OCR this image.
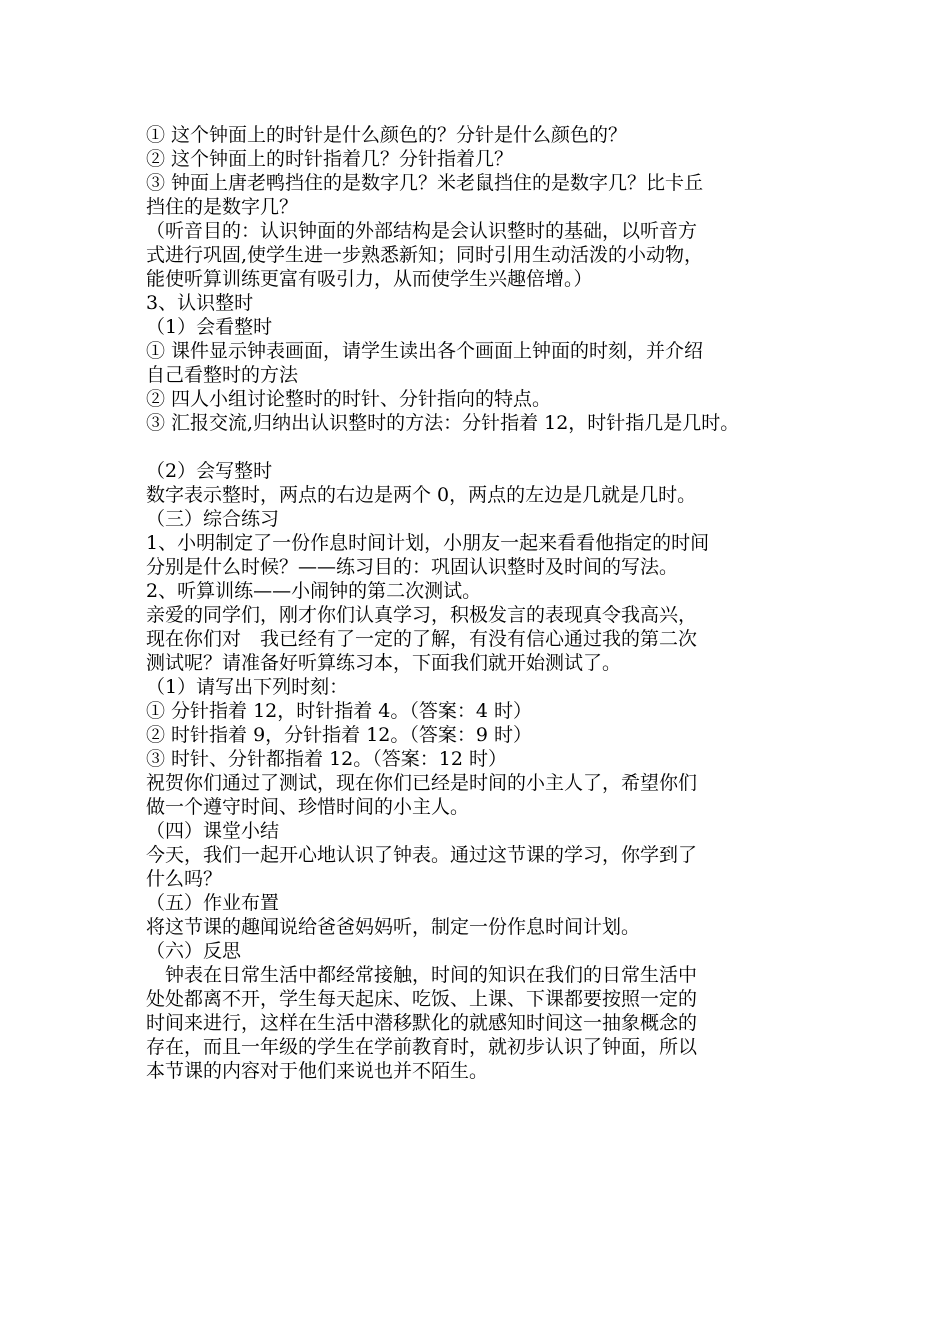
① 这个钟面上的时针是什么颜色的？分针是什么颜色的？
② 这个钟面上的时针指着几？分针指着几？
③ 钟面上唐老鸭挡住的是数字几？米老鼠挡住的是数字几？比卡丘
挡住的是数字几？
（听音目的：认识钟面的外部结构是会认识整时的基础，以听音方
式进行巩固,使学生进一步熟悉新知；同时引用生动活泼的小动物，
能使听算训练更富有吸引力，从而使学生兴趣倍增。）
3、认识整时
（1）会看整时
① 课件显示钟表画面，请学生读出各个画面上钟面的时刻，并介绍
自己看整时的方法
② 四人小组讨论整时的时针、分针指向的特点。
③ 汇报交流,归纳出认识整时的方法：分针指着 12，时针指几是几时。
（2）会写整时
数字表示整时，两点的右边是两个 0，两点的左边是几就是几时。
（三）综合练习
1、小明制定了一份作息时间计划，小朋友一起来看看他指定的时间
分别是什么时候？——练习目的：巩固认识整时及时间的写法。
2、听算训练——小闹钟的第二次测试。
亲爱的同学们，刚才你们认真学习，积极发言的表现真令我高兴，
现在你们对　我已经有了一定的了解，有没有信心通过我的第二次
测试呢？请准备好听算练习本，下面我们就开始测试了。
（1）请写出下列时刻：
① 分针指着 12，时针指着 4。（答案：4 时）
② 时针指着 9，分针指着 12。（答案：9 时）
③ 时针、分针都指着 12。（答案：12 时）
祝贺你们通过了测试，现在你们已经是时间的小主人了，希望你们
做一个遵守时间、珍惜时间的小主人。
（四）课堂小结
今天，我们一起开心地认识了钟表。通过这节课的学习，你学到了
什么吗？
（五）作业布置
将这节课的趣闻说给爸爸妈妈听，制定一份作息时间计划。
（六）反思
钟表在日常生活中都经常接触，时间的知识在我们的日常生活中
处处都离不开，学生每天起床、吃饭、上课、下课都要按照一定的
时间来进行，这样在生活中潜移默化的就感知时间这一抽象概念的
存在，而且一年级的学生在学前教育时，就初步认识了钟面，所以
本节课的内容对于他们来说也并不陌生。
